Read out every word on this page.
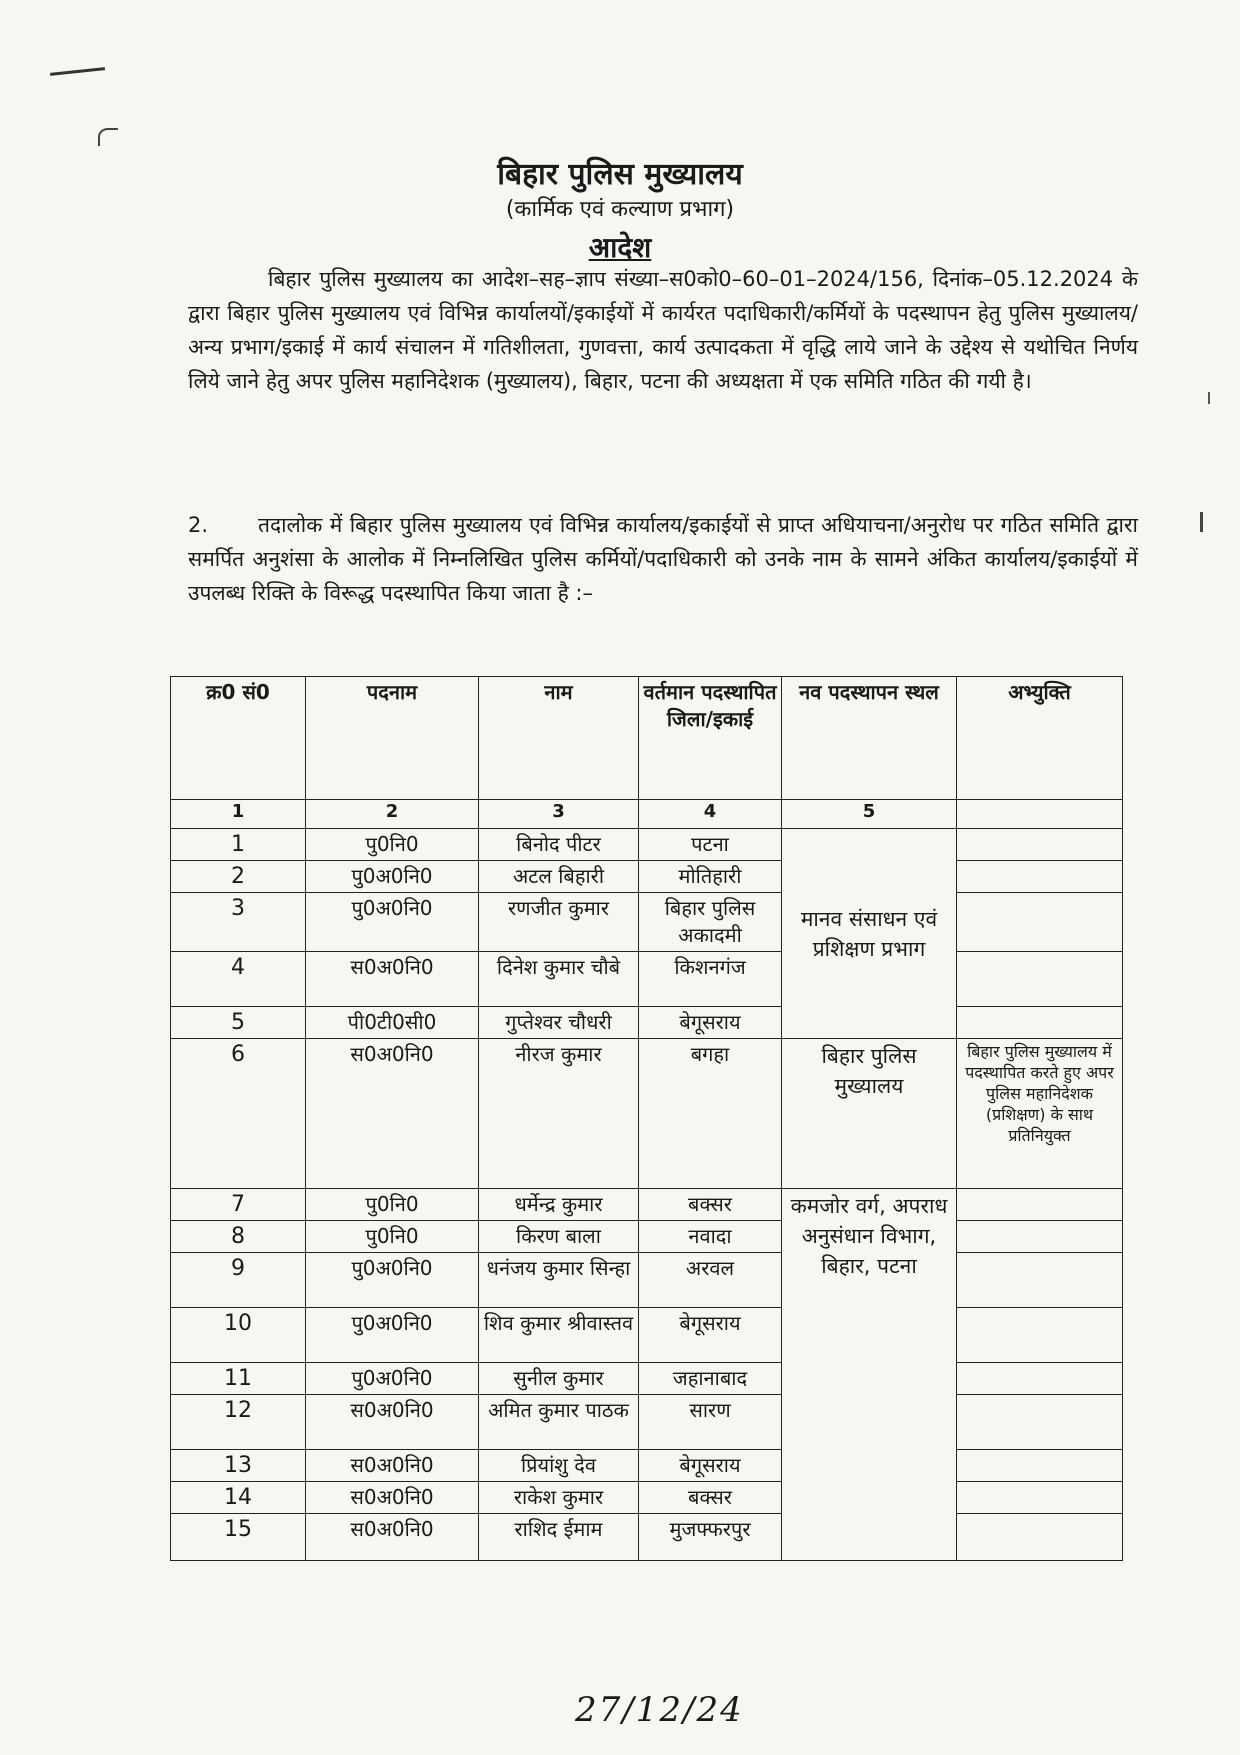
बिहार पुलिस मुख्यालय
(कार्मिक एवं कल्याण प्रभाग)
आदेश

बिहार पुलिस मुख्यालय का आदेश–सह–ज्ञाप संख्या–स0को0–60–01–2024/156, दिनांक–05.12.2024 के द्वारा बिहार पुलिस मुख्यालय एवं विभिन्न कार्यालयों/इकाईयों में कार्यरत पदाधिकारी/कर्मियों के पदस्थापन हेतु पुलिस मुख्यालय/अन्य प्रभाग/इकाई में कार्य संचालन में गतिशीलता, गुणवत्ता, कार्य उत्पादकता में वृद्धि लाये जाने के उद्देश्य से यथोचित निर्णय लिये जाने हेतु अपर पुलिस महानिदेशक (मुख्यालय), बिहार, पटना की अध्यक्षता में एक समिति गठित की गयी है।

2. तदालोक में बिहार पुलिस मुख्यालय एवं विभिन्न कार्यालय/इकाईयों से प्राप्त अधियाचना/अनुरोध पर गठित समिति द्वारा समर्पित अनुशंसा के आलोक में निम्नलिखित पुलिस कर्मियों/पदाधिकारी को उनके नाम के सामने अंकित कार्यालय/इकाईयों में उपलब्ध रिक्ति के विरूद्ध पदस्थापित किया जाता है :–

क्र0 सं0	पदनाम	नाम	वर्तमान पदस्थापित जिला/इकाई	नव पदस्थापन स्थल	अभ्युक्ति
1	2	3	4	5	
1	पु0नि0	बिनोद पीटर	पटना	मानव संसाधन एवं प्रशिक्षण प्रभाग	
2	पु0अ0नि0	अटल बिहारी	मोतिहारी		
3	पु0अ0नि0	रणजीत कुमार	बिहार पुलिस अकादमी		
4	स0अ0नि0	दिनेश कुमार चौबे	किशनगंज		
5	पी0टी0सी0	गुप्तेश्वर चौधरी	बेगूसराय		
6	स0अ0नि0	नीरज कुमार	बगहा	बिहार पुलिस मुख्यालय	बिहार पुलिस मुख्यालय में पदस्थापित करते हुए अपर पुलिस महानिदेशक (प्रशिक्षण) के साथ प्रतिनियुक्त
7	पु0नि0	धर्मेन्द्र कुमार	बक्सर	कमजोर वर्ग, अपराध अनुसंधान विभाग, बिहार, पटना	
8	पु0नि0	किरण बाला	नवादा		
9	पु0अ0नि0	धनंजय कुमार सिन्हा	अरवल		
10	पु0अ0नि0	शिव कुमार श्रीवास्तव	बेगूसराय		
11	पु0अ0नि0	सुनील कुमार	जहानाबाद		
12	स0अ0नि0	अमित कुमार पाठक	सारण		
13	स0अ0नि0	प्रियांशु देव	बेगूसराय		
14	स0अ0नि0	राकेश कुमार	बक्सर		
15	स0अ0नि0	राशिद ईमाम	मुजफ्फरपुर		
27/12/24
